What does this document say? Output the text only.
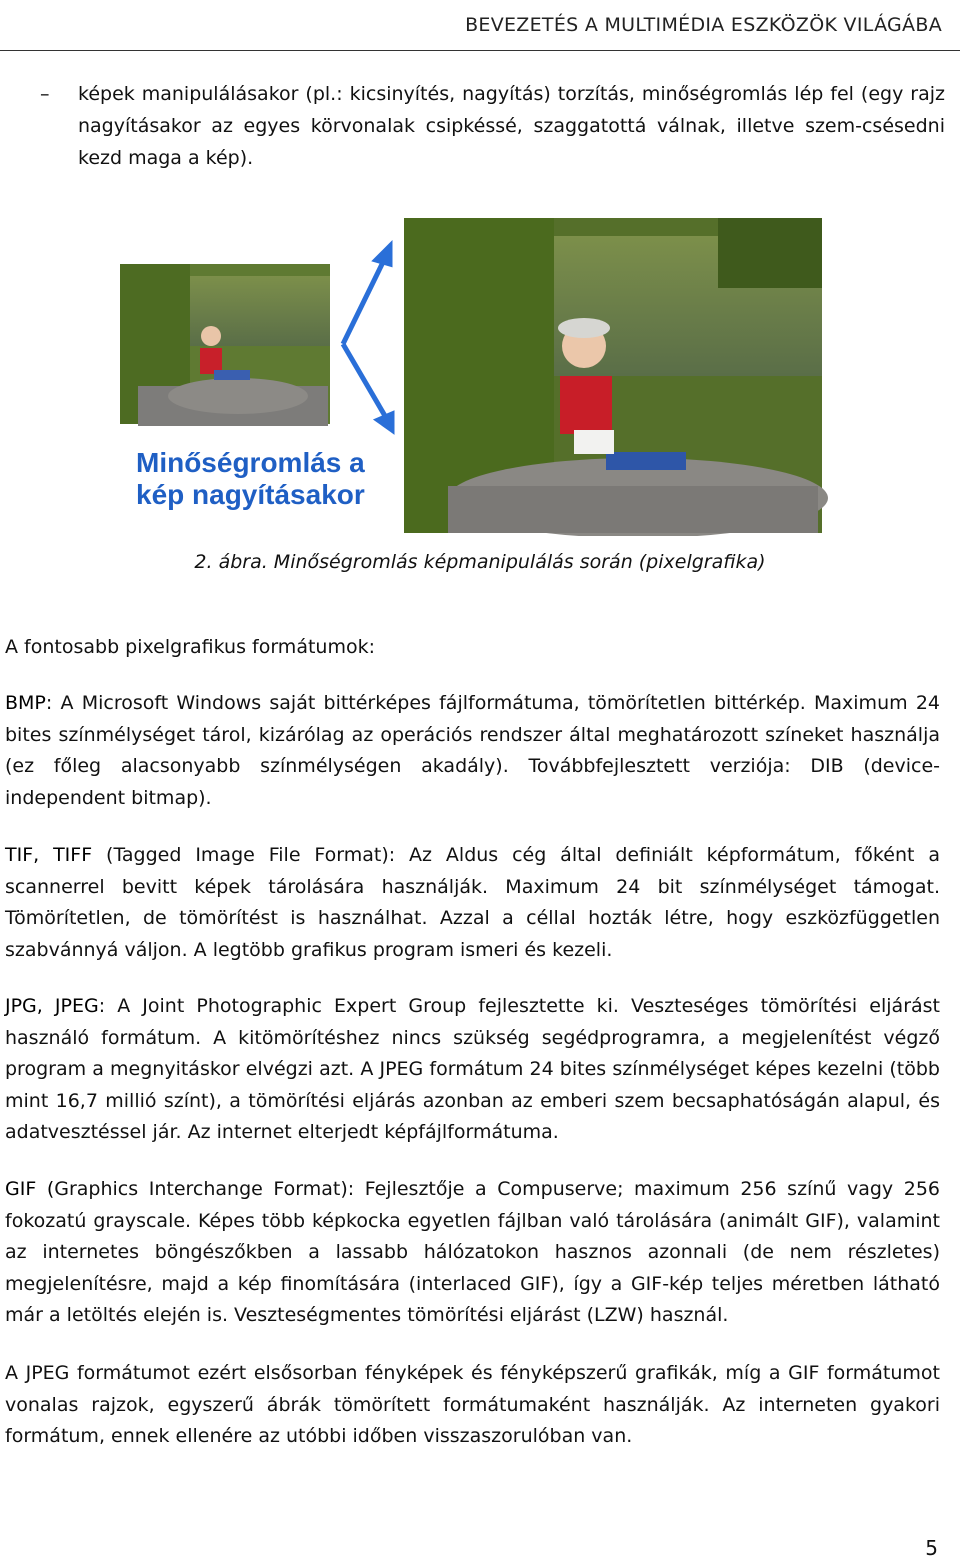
BEVEZETÉS A MULTIMÉDIA ESZKÖZÖK VILÁGÁBA
–	képek manipulálásakor (pl.: kicsinyítés, nagyítás) torzítás, minőségromlás lép fel (egy rajz nagyításakor az egyes körvonalak csipkéssé, szaggatottá válnak, illetve szem-csésedni kezd maga a kép).
Minőségromlás a
kép nagyításakor
2. ábra. Minőségromlás képmanipulálás során (pixelgrafika)
A fontosabb pixelgrafikus formátumok:
BMP: A Microsoft Windows saját bittérképes fájlformátuma, tömörítetlen bittérkép. Maximum 24 bites színmélységet tárol, kizárólag az operációs rendszer által meghatározott színeket használja (ez főleg alacsonyabb színmélységen akadály). Továbbfejlesztett verziója: DIB (device-independent bitmap).
TIF, TIFF (Tagged Image File Format): Az Aldus cég által definiált képformátum, főként a scannerrel bevitt képek tárolására használják. Maximum 24 bit színmélységet támogat. Tömörítetlen, de tömörítést is használhat. Azzal a céllal hozták létre, hogy eszközfüggetlen szabvánnyá váljon. A legtöbb grafikus program ismeri és kezeli.
JPG, JPEG: A Joint Photographic Expert Group fejlesztette ki. Veszteséges tömörítési eljárást használó formátum. A kitömörítéshez nincs szükség segédprogramra, a megjelenítést végző program a megnyitáskor elvégzi azt. A JPEG formátum 24 bites színmélységet képes kezelni (több mint 16,7 millió színt), a tömörítési eljárás azonban az emberi szem becsaphatóságán alapul, és adatvesztéssel jár. Az internet elterjedt képfájlformátuma.
GIF (Graphics Interchange Format): Fejlesztője a Compuserve; maximum 256 színű vagy 256 fokozatú grayscale. Képes több képkocka egyetlen fájlban való tárolására (animált GIF), valamint az internetes böngészőkben a lassabb hálózatokon hasznos azonnali (de nem részletes) megjelenítésre, majd a kép finomítására (interlaced GIF), így a GIF-kép teljes méretben látható már a letöltés elején is. Veszteségmentes tömörítési eljárást (LZW) használ.
A JPEG formátumot ezért elsősorban fényképek és fényképszerű grafikák, míg a GIF formátumot vonalas rajzok, egyszerű ábrák tömörített formátumaként használják. Az interneten gyakori formátum, ennek ellenére az utóbbi időben visszaszorulóban van.
5
